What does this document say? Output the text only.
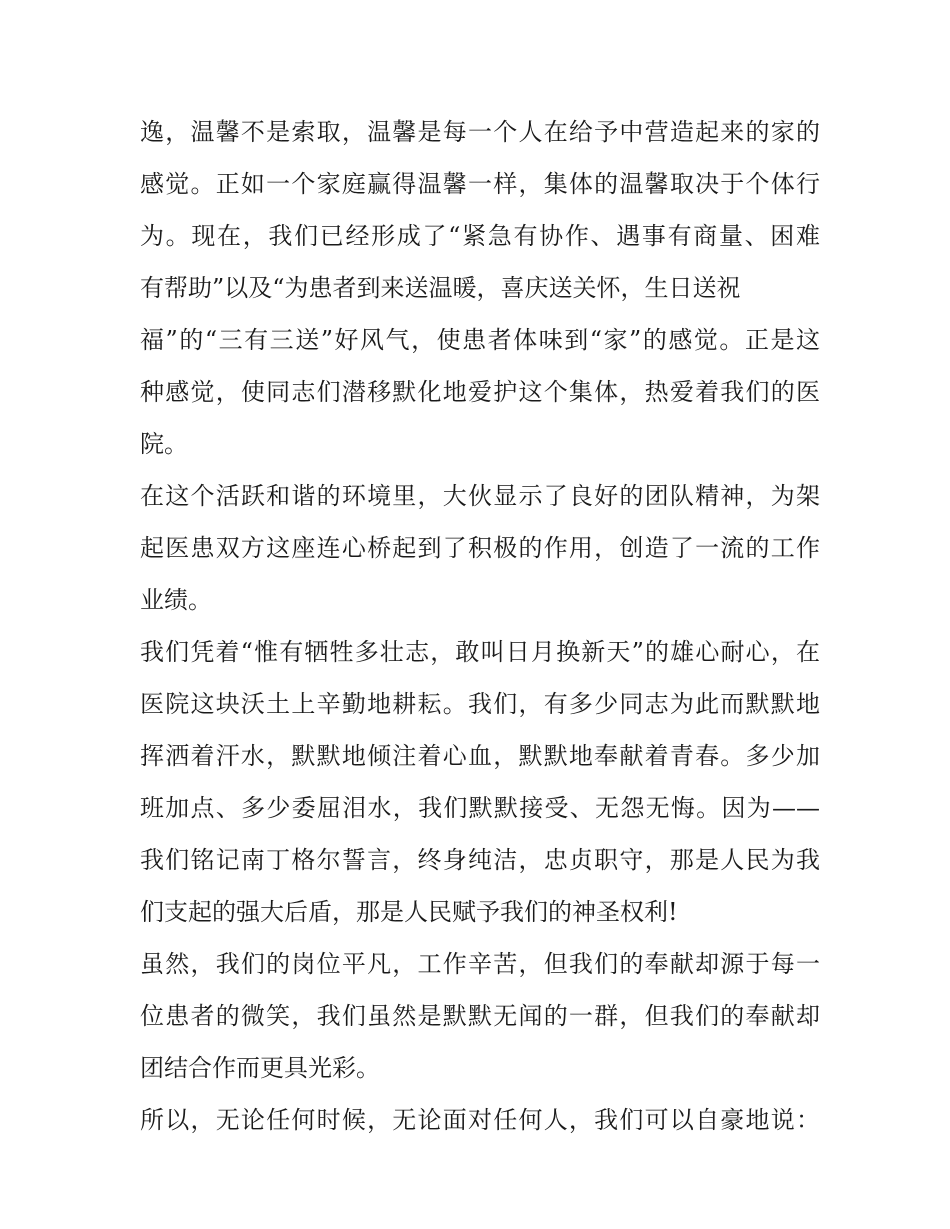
逸，温馨不是索取，温馨是每一个人在给予中营造起来的家的
感觉。正如一个家庭赢得温馨一样，集体的温馨取决于个体行
为。现在，我们已经形成了“紧急有协作、遇事有商量、困难
有帮助”以及“为患者到来送温暖，喜庆送关怀，生日送祝
福”的“三有三送”好风气，使患者体味到“家”的感觉。正是这
种感觉，使同志们潜移默化地爱护这个集体，热爱着我们的医
院。
在这个活跃和谐的环境里，大伙显示了良好的团队精神，为架
起医患双方这座连心桥起到了积极的作用，创造了一流的工作
业绩。
我们凭着“惟有牺牲多壮志，敢叫日月换新天”的雄心耐心，在
医院这块沃土上辛勤地耕耘。我们，有多少同志为此而默默地
挥洒着汗水，默默地倾注着心血，默默地奉献着青春。多少加
班加点、多少委屈泪水，我们默默接受、无怨无悔。因为——
我们铭记南丁格尔誓言，终身纯洁，忠贞职守，那是人民为我
们支起的强大后盾，那是人民赋予我们的神圣权利!
虽然，我们的岗位平凡，工作辛苦，但我们的奉献却源于每一
位患者的微笑，我们虽然是默默无闻的一群，但我们的奉献却
团结合作而更具光彩。
所以，无论任何时候，无论面对任何人，我们可以自豪地说：
